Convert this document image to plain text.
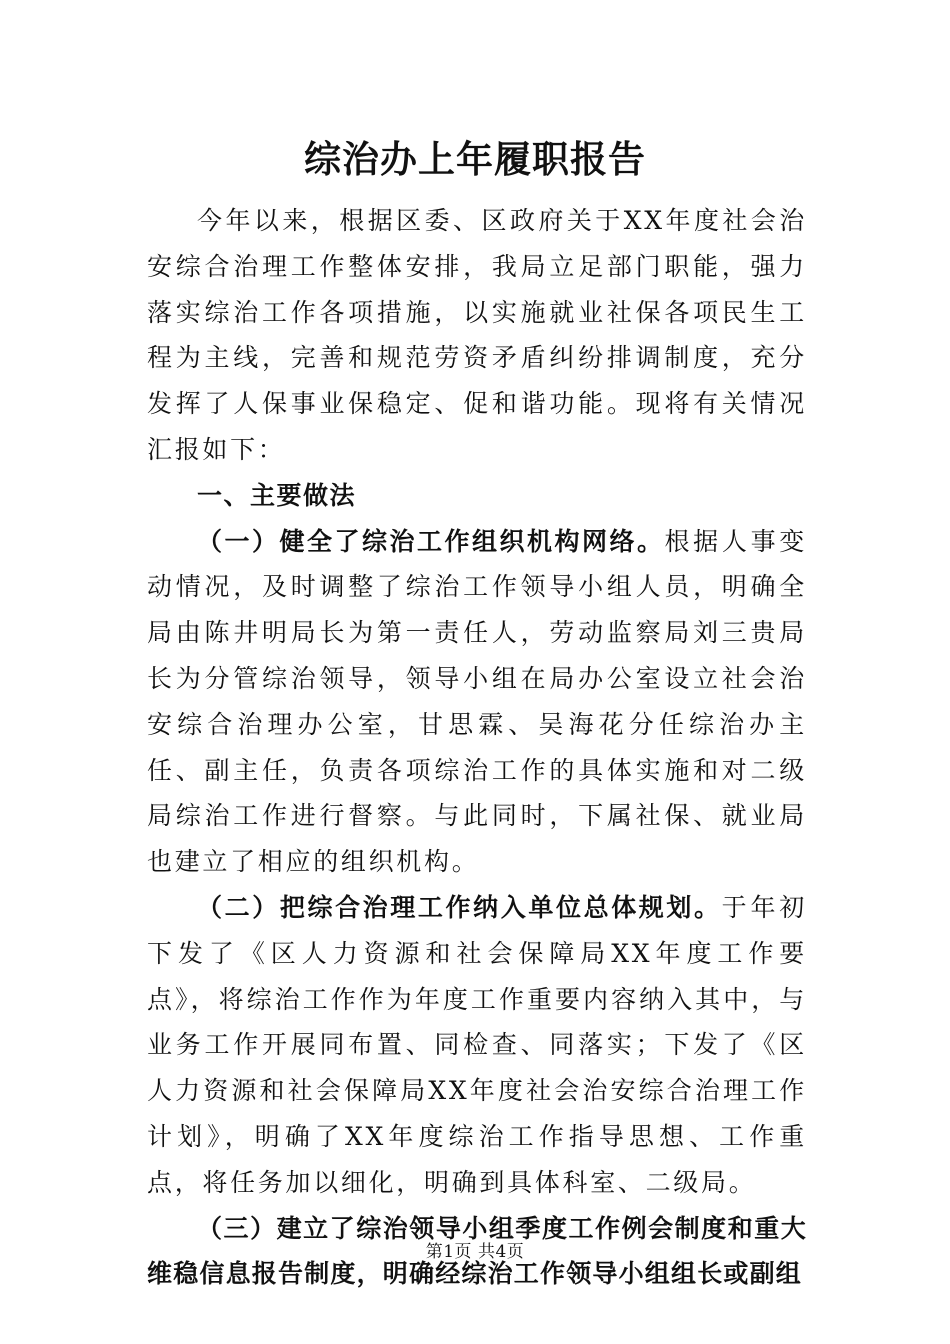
综治办上年履职报告

今年以来，根据区委、区政府关于XX年度社会治安综合治理工作整体安排，我局立足部门职能，强力落实综治工作各项措施，以实施就业社保各项民生工程为主线，完善和规范劳资矛盾纠纷排调制度，充分发挥了人保事业保稳定、促和谐功能。现将有关情况汇报如下：

一、主要做法

（一）健全了综治工作组织机构网络。根据人事变动情况，及时调整了综治工作领导小组人员，明确全局由陈井明局长为第一责任人，劳动监察局刘三贵局长为分管综治领导，领导小组在局办公室设立社会治安综合治理办公室，甘思霖、吴海花分任综治办主任、副主任，负责各项综治工作的具体实施和对二级局综治工作进行督察。与此同时，下属社保、就业局也建立了相应的组织机构。

（二）把综合治理工作纳入单位总体规划。于年初下发了《区人力资源和社会保障局XX年度工作要点》，将综治工作作为年度工作重要内容纳入其中，与业务工作开展同布置、同检查、同落实；下发了《区人力资源和社会保障局XX年度社会治安综合治理工作计划》，明确了XX年度综治工作指导思想、工作重点，将任务加以细化，明确到具体科室、二级局。

（三）建立了综治领导小组季度工作例会制度和重大维稳信息报告制度，明确经综治工作领导小组组长或副组

第1页 共4页
